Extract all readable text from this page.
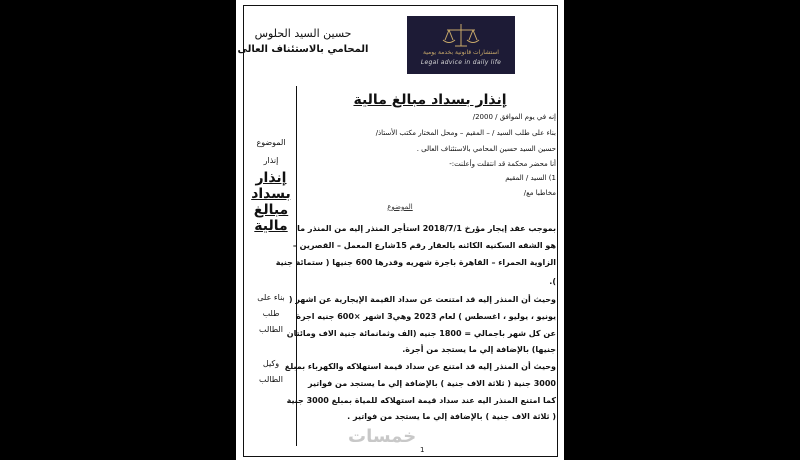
حسين السيد الحلوس
المحامي بالاستئناف العالى	استشارات قانونية بخدمة يومية
Legal advice in daily life
الموضوع
إنذار
إنذار
بسداد
مبالغ
مالية
بناء على
طلب
الطالب
وكيل
الطالب
إنذار بسداد مبالغ مالية
إنه في يوم الموافق / 2000/
بناء على طلب السيد / – المقيم – ومحل المختار مكتب الأستاذ/
حسين السيد حسين المحامي بالاستئناف العالى .
أنا محضر محكمة قد انتقلت وأعلنت:-
1) السيد / المقيم
مخاطبا مع/
الموضوع
بموجب عقد إيجار مؤرخ 2018/7/1 استأجر المنذر إليه من المنذر ما
هو الشقه السكنيه الكائنه بالعقار رقم 15شارع المعمل – القصرين –
الزاوية الحمراء – القاهرة باجرة شهريه وقدرها 600 جنيها ( ستمائة جنية
).
وحيث أن المنذر إليه قد امتنعت عن سداد القيمة الإيجارية عن اشهر (
يونيو ، يوليو ، اغسطس ) لعام 2023 وهي3 اشهر ×600 جنيه اجرة
عن كل شهر باجمالي = 1800 جنيه (الف وثمانمائة جنية الاف ومائتان
جنيها) بالإضافة إلي ما يستجد من أجرة.
وحيث أن المنذر إليه قد امتنع عن سداد قيمة استهلاكه والكهرباء بمبلغ
3000 جنية ( ثلاثة الاف جنية ) بالإضافة إلي ما يستجد من فواتير
كما امتنع المنذر اليه عند سداد قيمة استهلاكه للمياة بمبلغ 3000 جنية
( ثلاثة الاف جنية ) بالإضافة إلي ما يستجد من فواتير .
خمسات
1
